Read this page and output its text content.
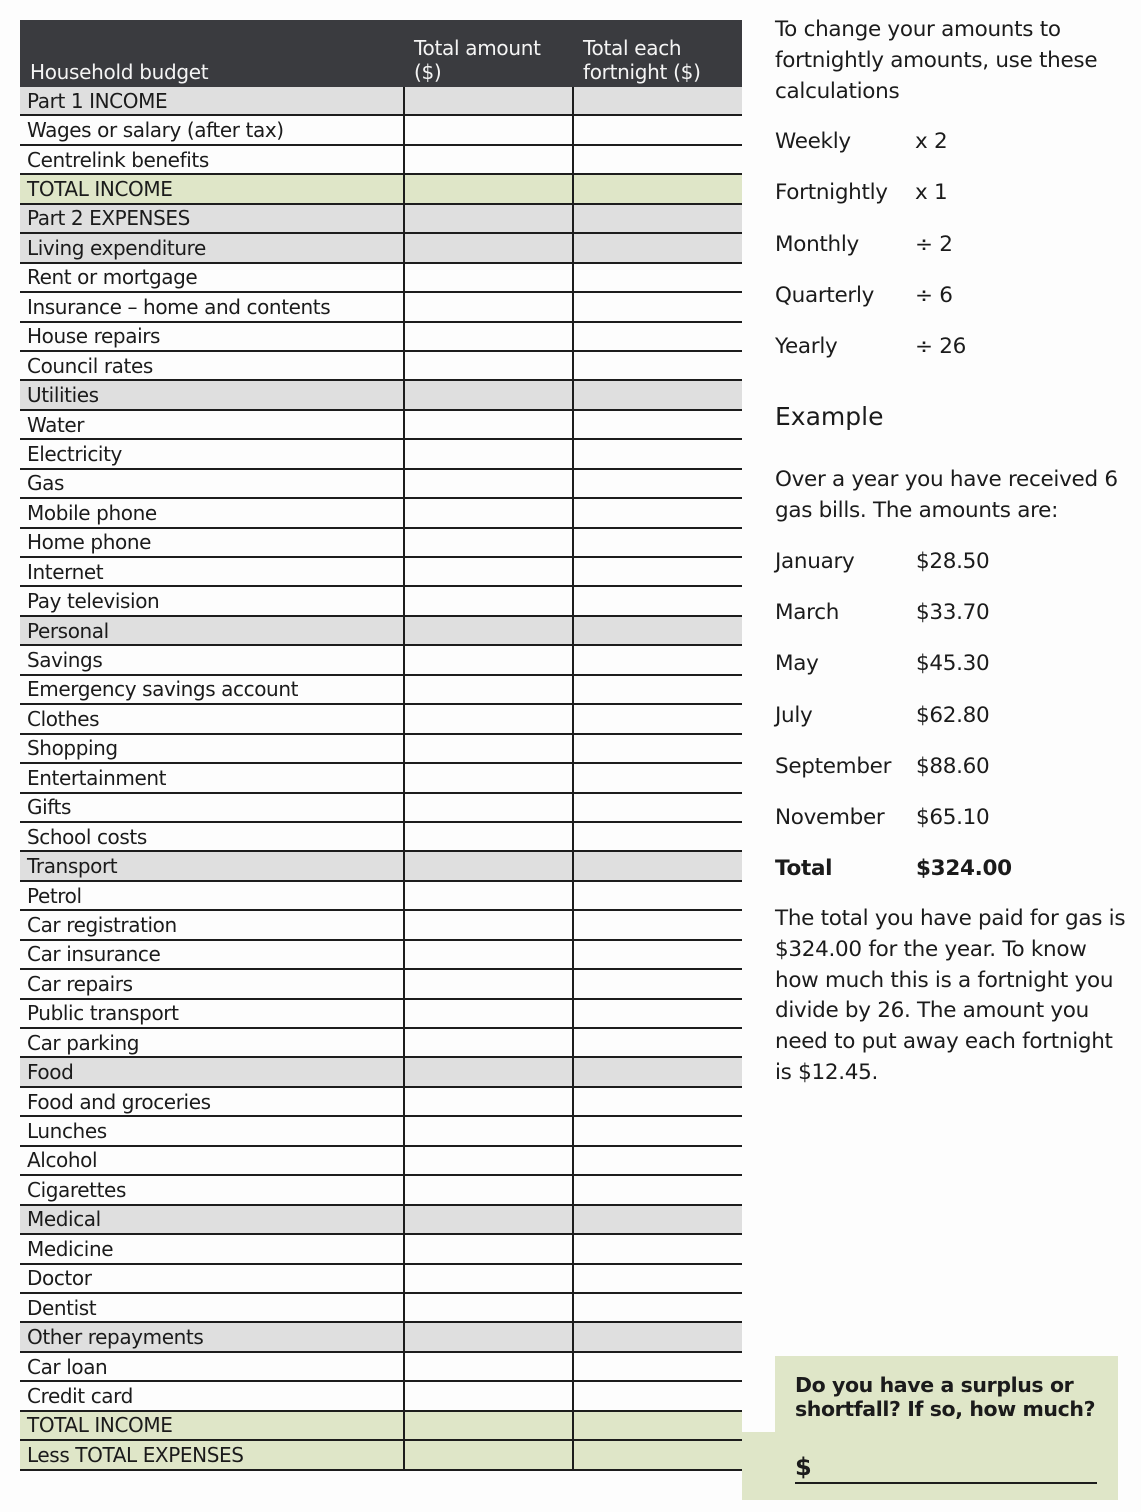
Household budget	Total amount ($)	Total each fortnight ($)
Part 1 INCOME		
Wages or salary (after tax)		
Centrelink benefits		
TOTAL INCOME		
Part 2 EXPENSES		
Living expenditure		
Rent or mortgage		
Insurance – home and contents		
House repairs		
Council rates		
Utilities		
Water		
Electricity		
Gas		
Mobile phone		
Home phone		
Internet		
Pay television		
Personal		
Savings		
Emergency savings account		
Clothes		
Shopping		
Entertainment		
Gifts		
School costs		
Transport		
Petrol		
Car registration		
Car insurance		
Car repairs		
Public transport		
Car parking		
Food		
Food and groceries		
Lunches		
Alcohol		
Cigarettes		
Medical		
Medicine		
Doctor		
Dentist		
Other repayments		
Car loan		
Credit card		
TOTAL INCOME		
Less TOTAL EXPENSES		

To change your amounts to fortnightly amounts, use these calculations

Weekly	x 2
Fortnightly	x 1
Monthly	÷ 2
Quarterly	÷ 6
Yearly	÷ 26
Example

Over a year you have received 6 gas bills. The amounts are:

January	$28.50
March	$33.70
May	$45.30
July	$62.80
September	$88.60
November	$65.10
Total	$324.00

The total you have paid for gas is $324.00 for the year. To know how much this is a fortnight you divide by 26. The amount you need to put away each fortnight is $12.45.

Do you have a surplus or shortfall? If so, how much?

$
